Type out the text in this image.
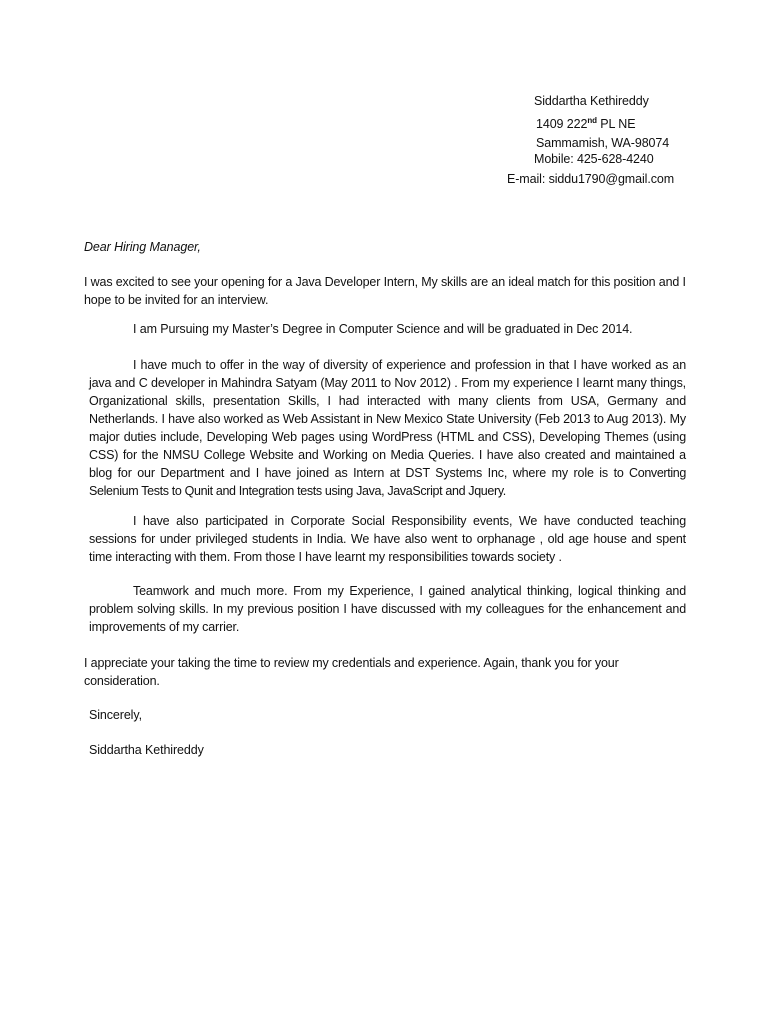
Siddartha Kethireddy
1409 222nd PL NE
Sammamish, WA-98074
Mobile: 425-628-4240
E-mail: siddu1790@gmail.com
Dear Hiring Manager,
I was excited to see your opening for a Java Developer Intern, My skills are an ideal match for this position and I hope to be invited for an interview.
I am Pursuing my Master’s Degree in Computer Science and will be graduated in Dec 2014.
I have much to offer in the way of diversity of experience and profession in that I have worked as an java and C developer in Mahindra Satyam (May 2011 to Nov 2012) . From my experience I learnt many things, Organizational skills, presentation Skills, I had interacted with many clients from USA, Germany and Netherlands. I have also worked as Web Assistant in New Mexico State University (Feb 2013 to Aug 2013). My major duties include, Developing Web pages using WordPress (HTML and CSS), Developing Themes (using CSS) for the NMSU College Website and Working on Media Queries. I have also created and maintained a blog for our Department and I have joined as Intern at DST Systems Inc, where my role is to Converting Selenium Tests to Qunit and Integration tests using Java, JavaScript and Jquery.
I have also participated in Corporate Social Responsibility events, We have conducted teaching sessions for under privileged students in India. We have also went to orphanage , old age house and spent time interacting with them. From those I have learnt my responsibilities towards society .
Teamwork and much more. From my Experience, I gained analytical thinking, logical thinking and problem solving skills. In my previous position I have discussed with my colleagues for the enhancement and improvements of my carrier.
I appreciate your taking the time to review my credentials and experience. Again, thank you for your consideration.
Sincerely,
Siddartha Kethireddy
